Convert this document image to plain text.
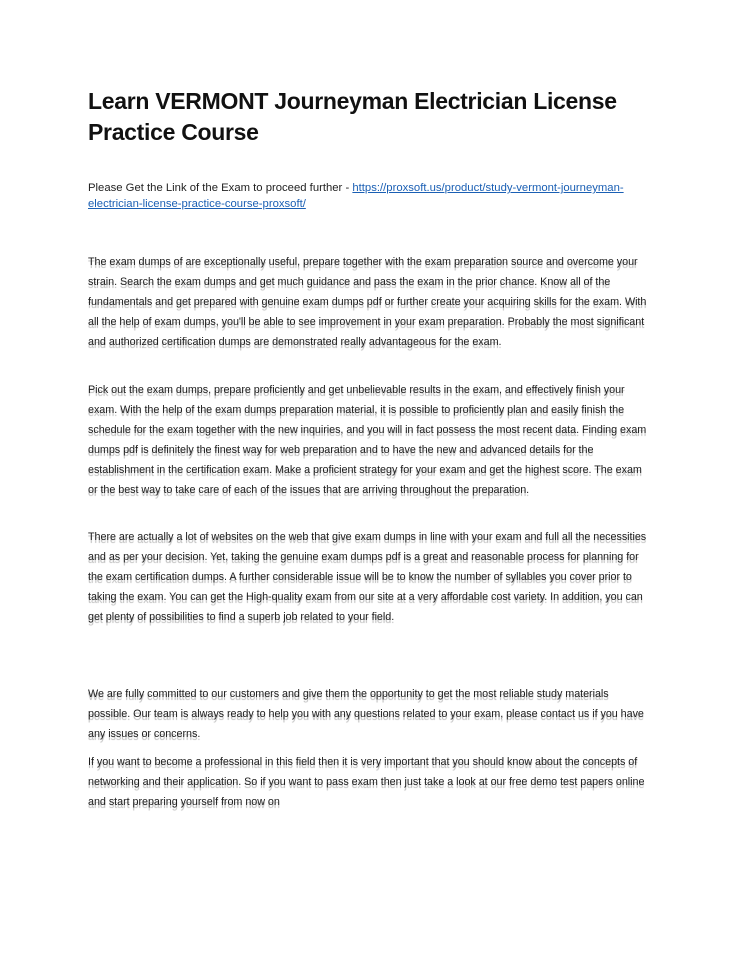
Learn VERMONT Journeyman Electrician License Practice Course

Please Get the Link of the Exam to proceed further - https://proxsoft.us/product/study-vermont-journeyman-electrician-license-practice-course-proxsoft/

The exam dumps of are exceptionally useful, prepare together with the exam preparation source and overcome your strain. Search the exam dumps and get much guidance and pass the exam in the prior chance. Know all of the fundamentals and get prepared with genuine exam dumps pdf or further create your acquiring skills for the exam. With all the help of exam dumps, you'll be able to see improvement in your exam preparation. Probably the most significant and authorized certification dumps are demonstrated really advantageous for the exam.

Pick out the exam dumps, prepare proficiently and get unbelievable results in the exam, and effectively finish your exam. With the help of the exam dumps preparation material, it is possible to proficiently plan and easily finish the schedule for the exam together with the new inquiries, and you will in fact possess the most recent data. Finding exam dumps pdf is definitely the finest way for web preparation and to have the new and advanced details for the establishment in the certification exam. Make a proficient strategy for your exam and get the highest score. The exam or the best way to take care of each of the issues that are arriving throughout the preparation.

There are actually a lot of websites on the web that give exam dumps in line with your exam and full all the necessities and as per your decision. Yet, taking the genuine exam dumps pdf is a great and reasonable process for planning for the exam certification dumps. A further considerable issue will be to know the number of syllables you cover prior to taking the exam. You can get the High-quality exam from our site at a very affordable cost variety. In addition, you can get plenty of possibilities to find a superb job related to your field.

We are fully committed to our customers and give them the opportunity to get the most reliable study materials possible. Our team is always ready to help you with any questions related to your exam, please contact us if you have any issues or concerns.

If you want to become a professional in this field then it is very important that you should know about the concepts of networking and their application. So if you want to pass exam then just take a look at our free demo test papers online and start preparing yourself from now on
